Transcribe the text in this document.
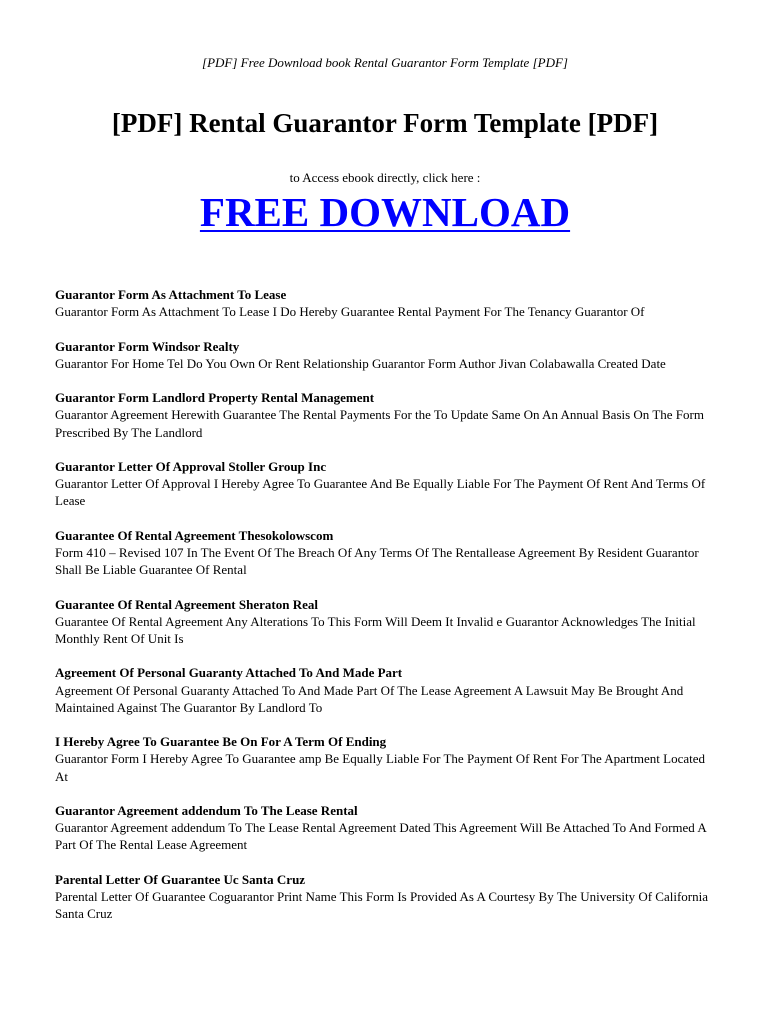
[PDF] Free Download book Rental Guarantor Form Template [PDF]
[PDF] Rental Guarantor Form Template [PDF]
to Access ebook directly, click here :
FREE DOWNLOAD
Guarantor Form As Attachment To Lease

Guarantor Form As Attachment To Lease I Do Hereby Guarantee Rental Payment For The Tenancy Guarantor Of

Guarantor Form Windsor Realty

Guarantor For Home Tel Do You Own Or Rent Relationship Guarantor Form Author Jivan Colabawalla Created Date

Guarantor Form Landlord Property Rental Management

Guarantor Agreement Herewith Guarantee The Rental Payments For the To Update Same On An Annual Basis On The Form Prescribed By The Landlord

Guarantor Letter Of Approval Stoller Group Inc

Guarantor Letter Of Approval I Hereby Agree To Guarantee And Be Equally Liable For The Payment Of Rent And Terms Of Lease

Guarantee Of Rental Agreement Thesokolowscom

Form 410 – Revised 107 In The Event Of The Breach Of Any Terms Of The Rentallease Agreement By Resident Guarantor Shall Be Liable Guarantee Of Rental

Guarantee Of Rental Agreement Sheraton Real

Guarantee Of Rental Agreement Any Alterations To This Form Will Deem It Invalid e Guarantor Acknowledges The Initial Monthly Rent Of Unit Is

Agreement Of Personal Guaranty Attached To And Made Part

Agreement Of Personal Guaranty Attached To And Made Part Of The Lease Agreement A Lawsuit May Be Brought And Maintained Against The Guarantor By Landlord To

I Hereby Agree To Guarantee Be On For A Term Of Ending

Guarantor Form I Hereby Agree To Guarantee amp Be Equally Liable For The Payment Of Rent For The Apartment Located At

Guarantor Agreement addendum To The Lease Rental

Guarantor Agreement addendum To The Lease Rental Agreement Dated This Agreement Will Be Attached To And Formed A Part Of The Rental Lease Agreement

Parental Letter Of Guarantee Uc Santa Cruz

Parental Letter Of Guarantee Coguarantor Print Name This Form Is Provided As A Courtesy By The University Of California Santa Cruz
